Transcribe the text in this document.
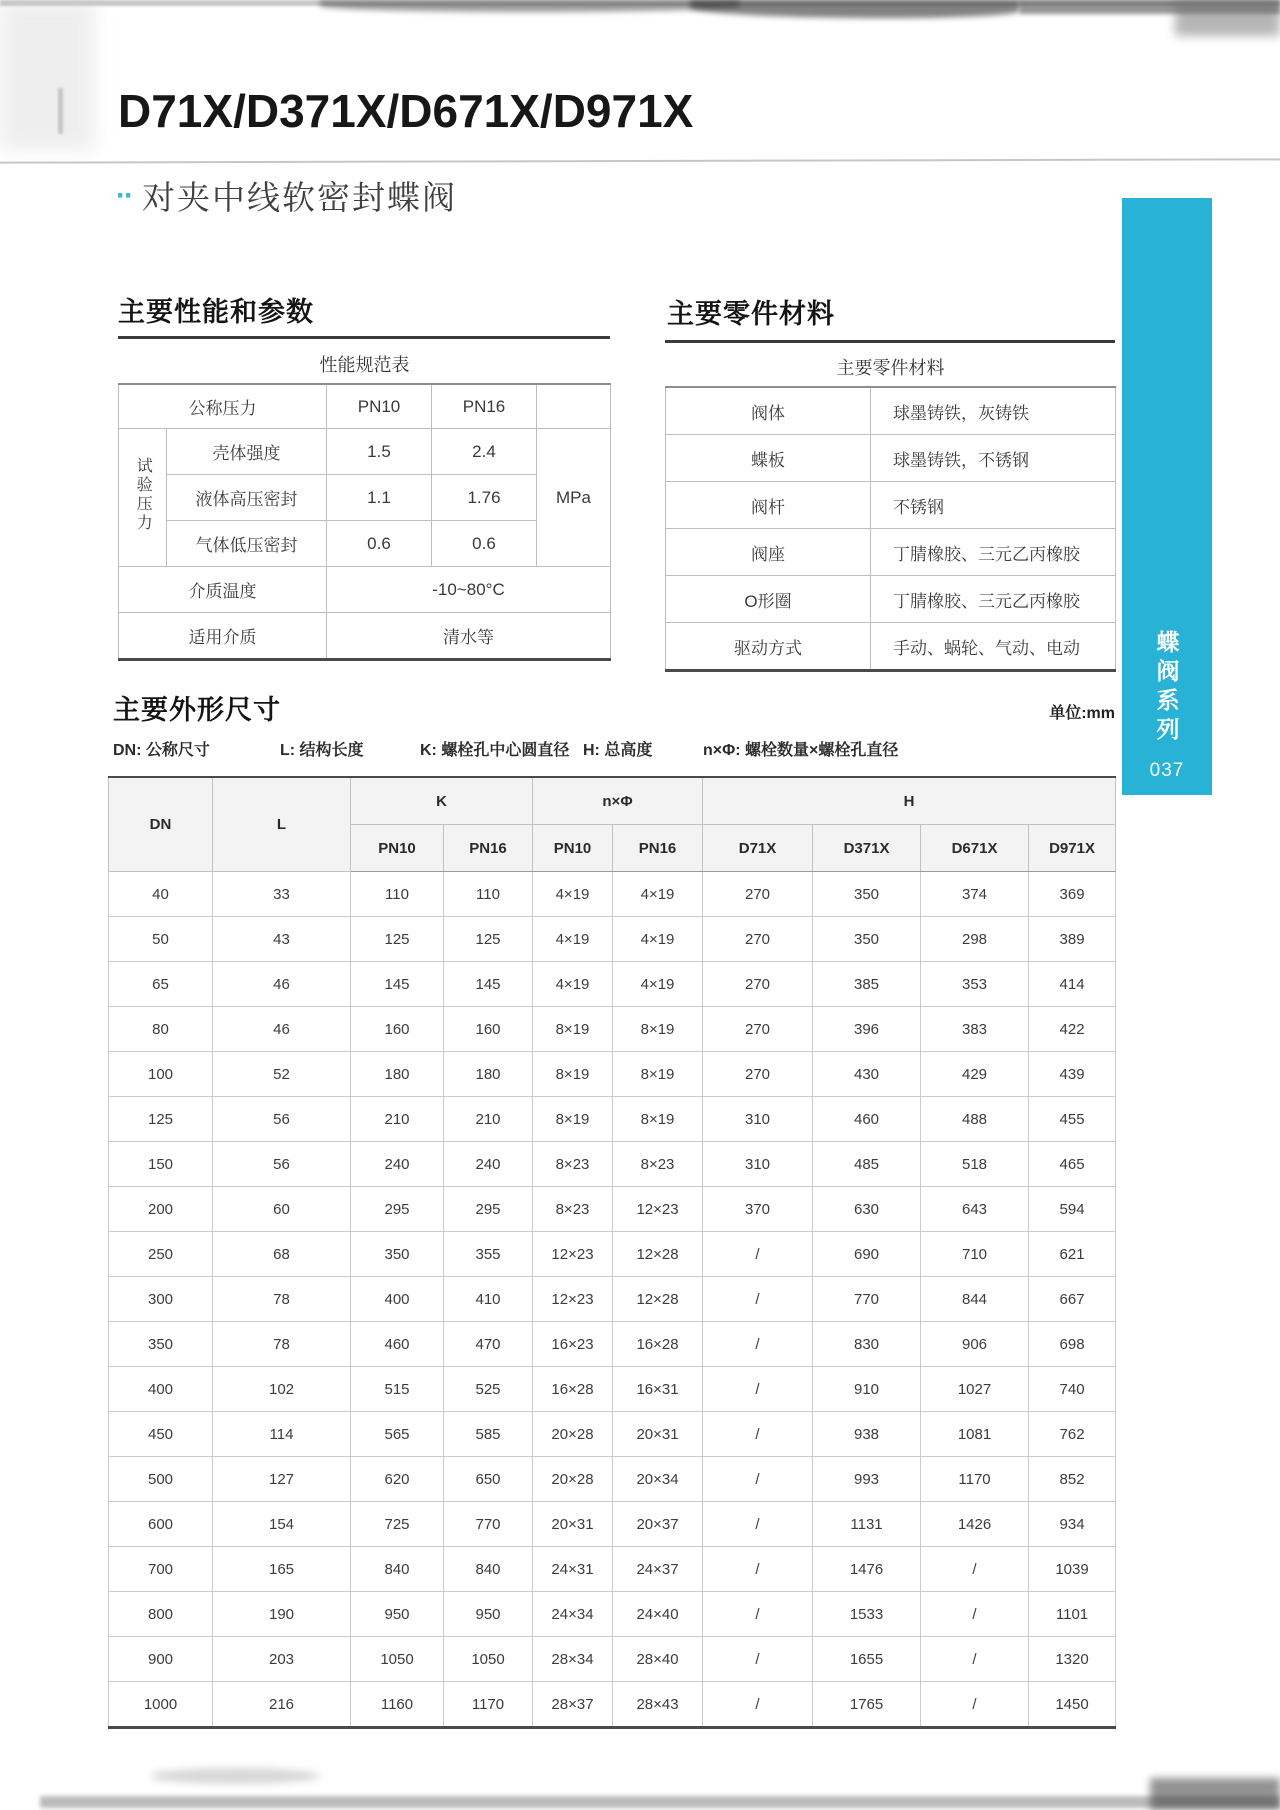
D71X/D371X/D671X/D971X
·· 对夹中线软密封蝶阀
主要性能和参数
性能规范表				
公称压力		PN10	PN16	
试验压力	壳体强度	1.5	2.4	MPa
	液体高压密封	1.1	1.76	
	气体低压密封	0.6	0.6	
介质温度		-10~80°C		
适用介质		清水等		
主要零件材料
主要零件材料	
阀体	球墨铸铁，灰铸铁
蝶板	球墨铸铁，不锈钢
阀杆	不锈钢
阀座	丁腈橡胶、三元乙丙橡胶
O形圈	丁腈橡胶、三元乙丙橡胶
驱动方式	手动、蜗轮、气动、电动
主要外形尺寸	单位:mm
DN: 公称尺寸	L: 结构长度	K: 螺栓孔中心圆直径 H: 总高度	n×Φ: 螺栓数量×螺栓孔直径
DN	L	K		n×Φ		H			
		PN10	PN16	PN10	PN16	D71X	D371X	D671X	D971X
40	33	110	110	4×19	4×19	270	350	374	369
50	43	125	125	4×19	4×19	270	350	298	389
65	46	145	145	4×19	4×19	270	385	353	414
80	46	160	160	8×19	8×19	270	396	383	422
100	52	180	180	8×19	8×19	270	430	429	439
125	56	210	210	8×19	8×19	310	460	488	455
150	56	240	240	8×23	8×23	310	485	518	465
200	60	295	295	8×23	12×23	370	630	643	594
250	68	350	355	12×23	12×28	/	690	710	621
300	78	400	410	12×23	12×28	/	770	844	667
350	78	460	470	16×23	16×28	/	830	906	698
400	102	515	525	16×28	16×31	/	910	1027	740
450	114	565	585	20×28	20×31	/	938	1081	762
500	127	620	650	20×28	20×34	/	993	1170	852
600	154	725	770	20×31	20×37	/	1131	1426	934
700	165	840	840	24×31	24×37	/	1476	/	1039
800	190	950	950	24×34	24×40	/	1533	/	1101
900	203	1050	1050	28×34	28×40	/	1655	/	1320
1000	216	1160	1170	28×37	28×43	/	1765	/	1450
蝶阀系列
037
